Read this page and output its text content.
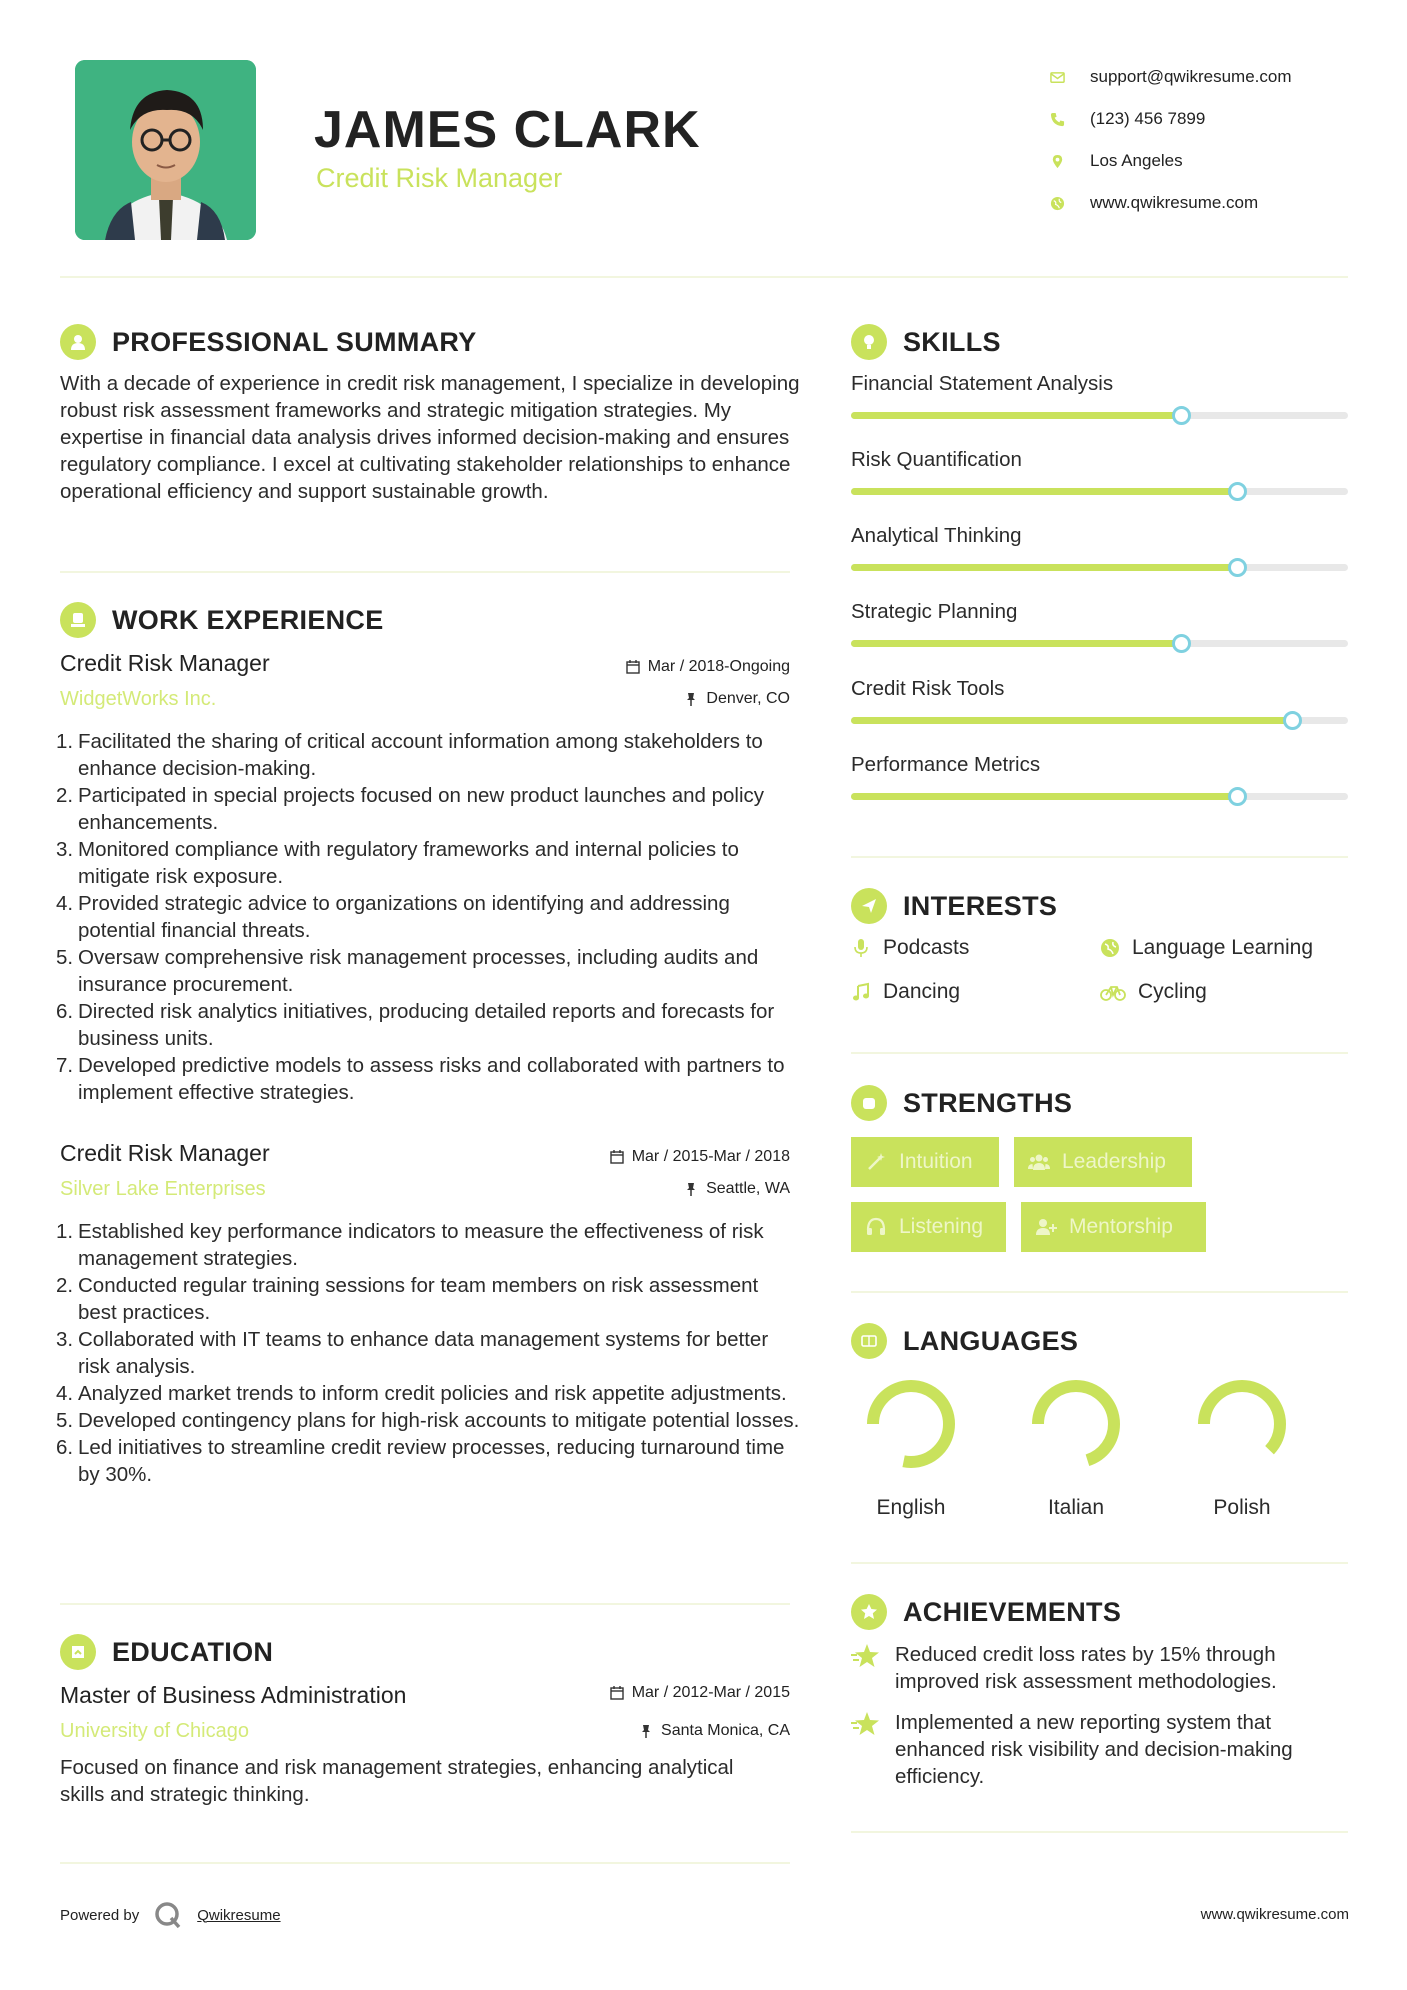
JAMES CLARK
Credit Risk Manager
support@qwikresume.com
(123) 456 7899
Los Angeles
www.qwikresume.com
PROFESSIONAL SUMMARY
With a decade of experience in credit risk management, I specialize in developing robust risk assessment frameworks and strategic mitigation strategies. My expertise in financial data analysis drives informed decision-making and ensures regulatory compliance. I excel at cultivating stakeholder relationships to enhance operational efficiency and support sustainable growth.
WORK EXPERIENCE
Credit Risk Manager	Mar / 2018-Ongoing
WidgetWorks Inc.	Denver, CO
Facilitated the sharing of critical account information among stakeholders to enhance decision-making.
Participated in special projects focused on new product launches and policy enhancements.
Monitored compliance with regulatory frameworks and internal policies to mitigate risk exposure.
Provided strategic advice to organizations on identifying and addressing potential financial threats.
Oversaw comprehensive risk management processes, including audits and insurance procurement.
Directed risk analytics initiatives, producing detailed reports and forecasts for business units.
Developed predictive models to assess risks and collaborated with partners to implement effective strategies.
Credit Risk Manager	Mar / 2015-Mar / 2018
Silver Lake Enterprises	Seattle, WA
Established key performance indicators to measure the effectiveness of risk management strategies.
Conducted regular training sessions for team members on risk assessment best practices.
Collaborated with IT teams to enhance data management systems for better risk analysis.
Analyzed market trends to inform credit policies and risk appetite adjustments.
Developed contingency plans for high-risk accounts to mitigate potential losses.
Led initiatives to streamline credit review processes, reducing turnaround time by 30%.
EDUCATION
Master of Business Administration	Mar / 2012-Mar / 2015
University of Chicago	Santa Monica, CA
Focused on finance and risk management strategies, enhancing analytical skills and strategic thinking.
SKILLS
Financial Statement Analysis
Risk Quantification
Analytical Thinking
Strategic Planning
Credit Risk Tools
Performance Metrics
INTERESTS
Podcasts	Language Learning
Dancing	Cycling
STRENGTHS
Intuition	Leadership
Listening	Mentorship
LANGUAGES
English	Italian	Polish
ACHIEVEMENTS
Reduced credit loss rates by 15% through improved risk assessment methodologies.
Implemented a new reporting system that enhanced risk visibility and decision-making efficiency.
Powered by	Qwikresume	www.qwikresume.com
